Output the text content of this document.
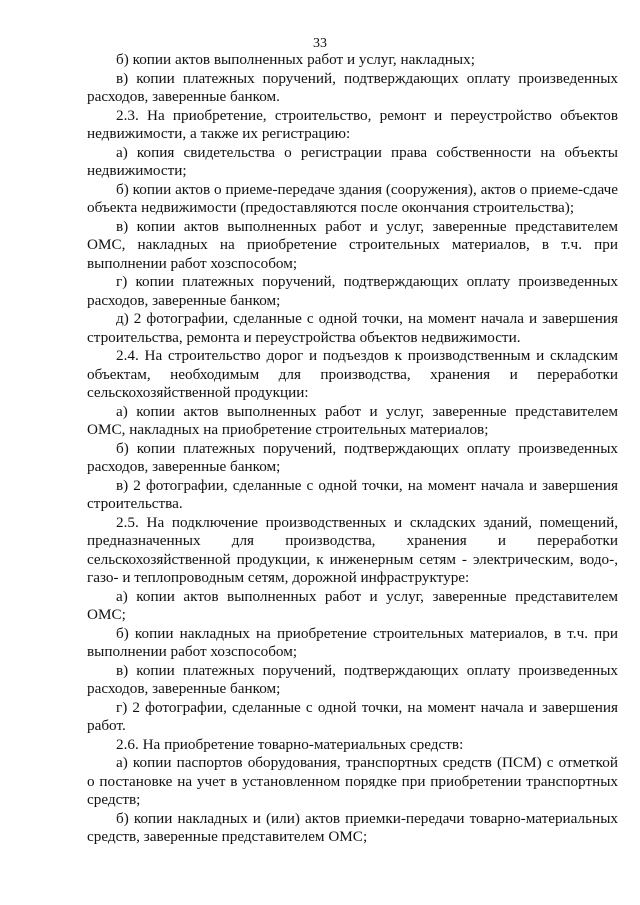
33

б) копии актов выполненных работ и услуг, накладных;

в) копии платежных поручений, подтверждающих оплату произведенных расходов, заверенные банком.

2.3. На приобретение, строительство, ремонт и переустройство объектов недвижимости, а также их регистрацию:

а) копия свидетельства о регистрации права собственности на объекты недвижимости;

б) копии актов о приеме-передаче здания (сооружения), актов о приеме-сдаче объекта недвижимости (предоставляются после окончания строительства);

в) копии актов выполненных работ и услуг, заверенные представителем ОМС, накладных на приобретение строительных материалов, в т.ч. при выполнении работ хозспособом;

г) копии платежных поручений, подтверждающих оплату произведенных расходов, заверенные банком;

д) 2 фотографии, сделанные с одной точки, на момент начала и завершения строительства, ремонта и переустройства объектов недвижимости.

2.4. На строительство дорог и подъездов к производственным и складским объектам, необходимым для производства, хранения и переработки сельскохозяйственной продукции:

а) копии актов выполненных работ и услуг, заверенные представителем ОМС, накладных на приобретение строительных материалов;

б) копии платежных поручений, подтверждающих оплату произведенных расходов, заверенные банком;

в) 2 фотографии, сделанные с одной точки, на момент начала и завершения строительства.

2.5. На подключение производственных и складских зданий, помещений, предназначенных для производства, хранения и переработки сельскохозяйственной продукции, к инженерным сетям - электрическим, водо-, газо- и теплопроводным сетям, дорожной инфраструктуре:

а) копии актов выполненных работ и услуг, заверенные представителем ОМС;

б) копии накладных на приобретение строительных материалов, в т.ч. при выполнении работ хозспособом;

в) копии платежных поручений, подтверждающих оплату произведенных расходов, заверенные банком;

г) 2 фотографии, сделанные с одной точки, на момент начала и завершения работ.

2.6. На приобретение товарно-материальных средств:

а) копии паспортов оборудования, транспортных средств (ПСМ) с отметкой о постановке на учет в установленном порядке при приобретении транспортных средств;

б) копии накладных и (или) актов приемки-передачи товарно-материальных средств, заверенные представителем ОМС;
